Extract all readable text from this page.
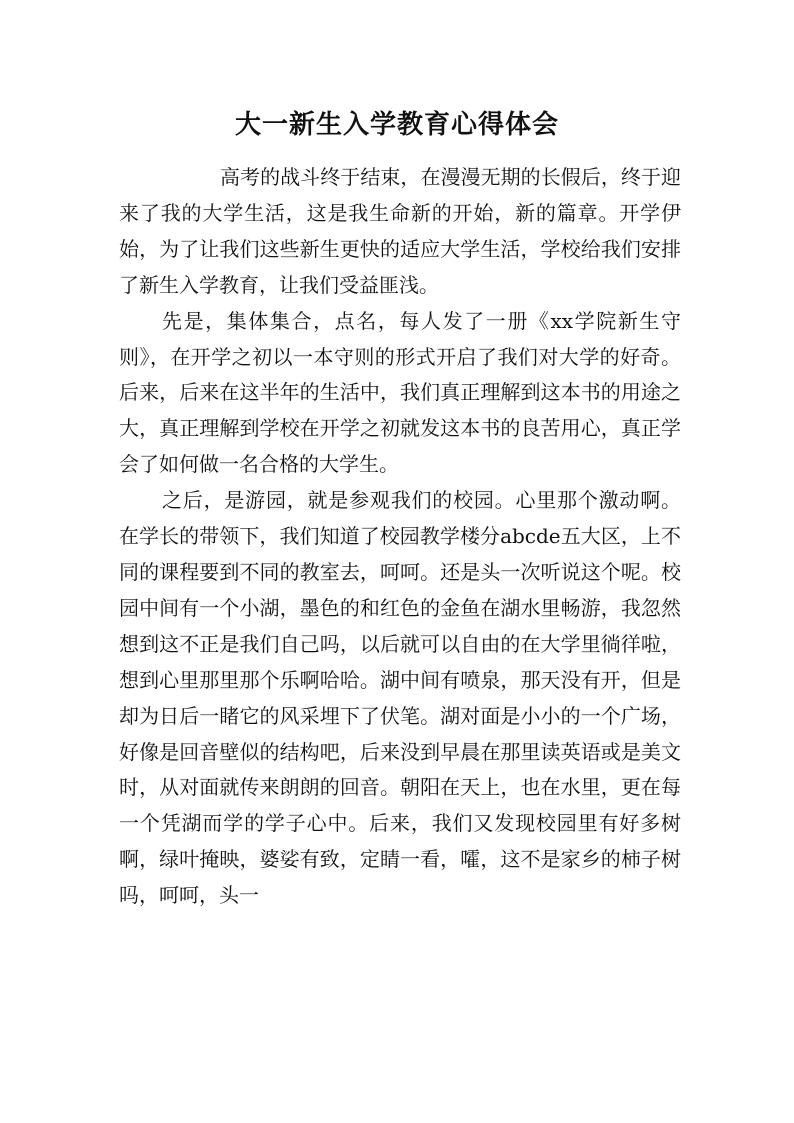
大一新生入学教育心得体会

高考的战斗终于结束，在漫漫无期的长假后，终于迎来了我的大学生活，这是我生命新的开始，新的篇章。开学伊始，为了让我们这些新生更快的适应大学生活，学校给我们安排了新生入学教育，让我们受益匪浅。

先是，集体集合，点名，每人发了一册《xx学院新生守则》，在开学之初以一本守则的形式开启了我们对大学的好奇。后来，后来在这半年的生活中，我们真正理解到这本书的用途之大，真正理解到学校在开学之初就发这本书的良苦用心，真正学会了如何做一名合格的大学生。

之后，是游园，就是参观我们的校园。心里那个激动啊。在学长的带领下，我们知道了校园教学楼分abcde五大区，上不同的课程要到不同的教室去，呵呵。还是头一次听说这个呢。校园中间有一个小湖，墨色的和红色的金鱼在湖水里畅游，我忽然想到这不正是我们自己吗，以后就可以自由的在大学里徜徉啦，想到心里那里那个乐啊哈哈。湖中间有喷泉，那天没有开，但是却为日后一睹它的风采埋下了伏笔。湖对面是小小的一个广场，好像是回音壁似的结构吧，后来没到早晨在那里读英语或是美文时，从对面就传来朗朗的回音。朝阳在天上，也在水里，更在每一个凭湖而学的学子心中。后来，我们又发现校园里有好多树啊，绿叶掩映，婆娑有致，定睛一看，嚯，这不是家乡的柿子树吗，呵呵，头一
